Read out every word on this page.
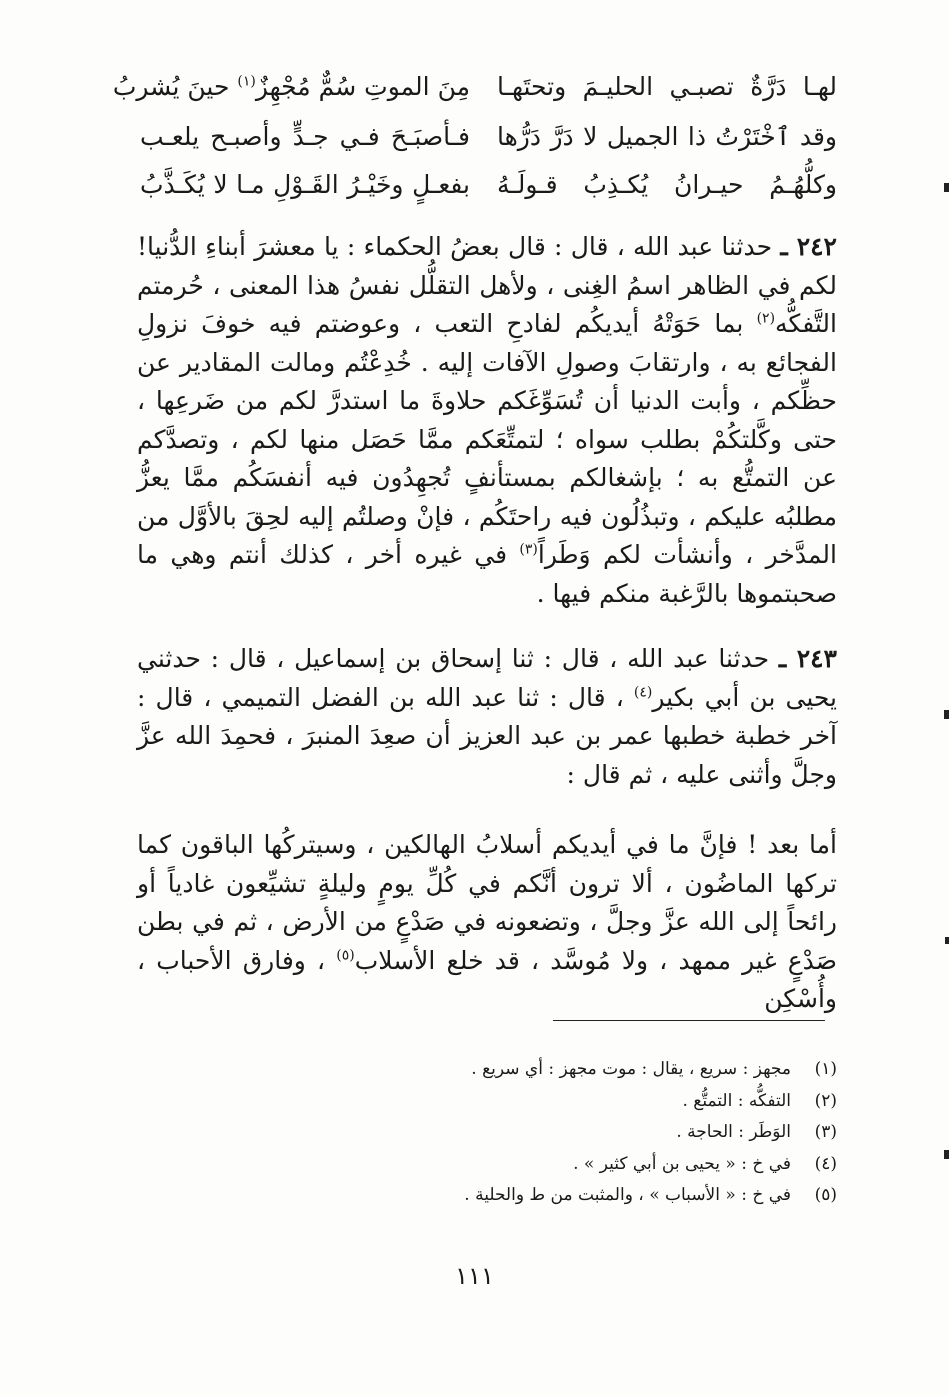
لهـا دَرَّةٌ تصبـي الحليـمَ وتحتَهـا
مِنَ الموتِ سُمٌّ مُجْهِزٌ$^{(١)}$ حينَ يُشربُ
وقد ٱخْتَرْتُ ذا الجميل لا دَرَّ دَرُّها
فـأصبَـحَ فـي جـدٍّ وأصبـح يلعـب
وكلُّهُـمُ حيـرانُ يُكـذِبُ قـولَـهُ
بفعـلٍ وخَيْـرُ القَـوْلِ مـا لا يُكَـذَّبُ

٢٤٢ ـ حدثنا عبد الله ، قال : قال بعضُ الحكماء : يا معشرَ أبناءِ الدُّنيا! لكم في الظاهر اسمُ الغِنى ، ولأهل التقلُّل نفسُ هذا المعنى ، حُرمتم التَّفكُّه$^{(٢)}$ بما حَوَتْهُ أيديكُم لفادحِ التعب ، وعوضتم فيه خوفَ نزولِ الفجائع به ، وارتقابَ وصولِ الآفات إليه . خُدِعْتُم ومالت المقادير عن حظِّكم ، وأبت الدنيا أن تُسَوِّغَكم حلاوةَ ما استدرَّ لكم من ضَرعِها ، حتى وكَّلتكُمْ بطلب سواه ؛ لتمتِّعَكم ممَّا حَصَل منها لكم ، وتصدَّكم عن التمتُّع به ؛ بإشغالكم بمستأنفٍ تُجهِدُون فيه أنفسَكُم ممَّا يعزُّ مطلبُه عليكم ، وتبذُلُون فيه راحتَكُم ، فإنْ وصلتُم إليه لحِقَ بالأوَّل من المدَّخر ، وأنشأت لكم وَطَراً$^{(٣)}$ في غيره أخر ، كذلك أنتم وهي ما صحبتموها بالرَّغبة منكم فيها .

٢٤٣ ـ حدثنا عبد الله ، قال : ثنا إسحاق بن إسماعيل ، قال : حدثني يحيى بن أبي بكير$^{(٤)}$ ، قال : ثنا عبد الله بن الفضل التميمي ، قال : آخر خطبة خطبها عمر بن عبد العزيز أن صعِدَ المنبرَ ، فحمِدَ الله عزَّ وجلَّ وأثنى عليه ، ثم قال :

أما بعد ! فإنَّ ما في أيديكم أسلابُ الهالكين ، وسيتركُها الباقون كما تركها الماضُون ، ألا ترون أنَّكم في كُلِّ يومٍ وليلةٍ تشيِّعون غادياً أو رائحاً إلى الله عزَّ وجلَّ ، وتضعونه في صَدْعٍ من الأرض ، ثم في بطن صَدْعٍ غير ممهد ، ولا مُوسَّد ، قد خلع الأسلاب$^{(٥)}$ ، وفارق الأحباب ، وأُسْكِن

(١)
مجهز : سريع ، يقال : موت مجهز : أي سريع .
(٢)
التفكُّه : التمتُّع .
(٣)
الوَطَر : الحاجة .
(٤)
في خ : « يحيى بن أبي كثير » .
(٥)
في خ : « الأسباب » ، والمثبت من ط والحلية .
١١١
